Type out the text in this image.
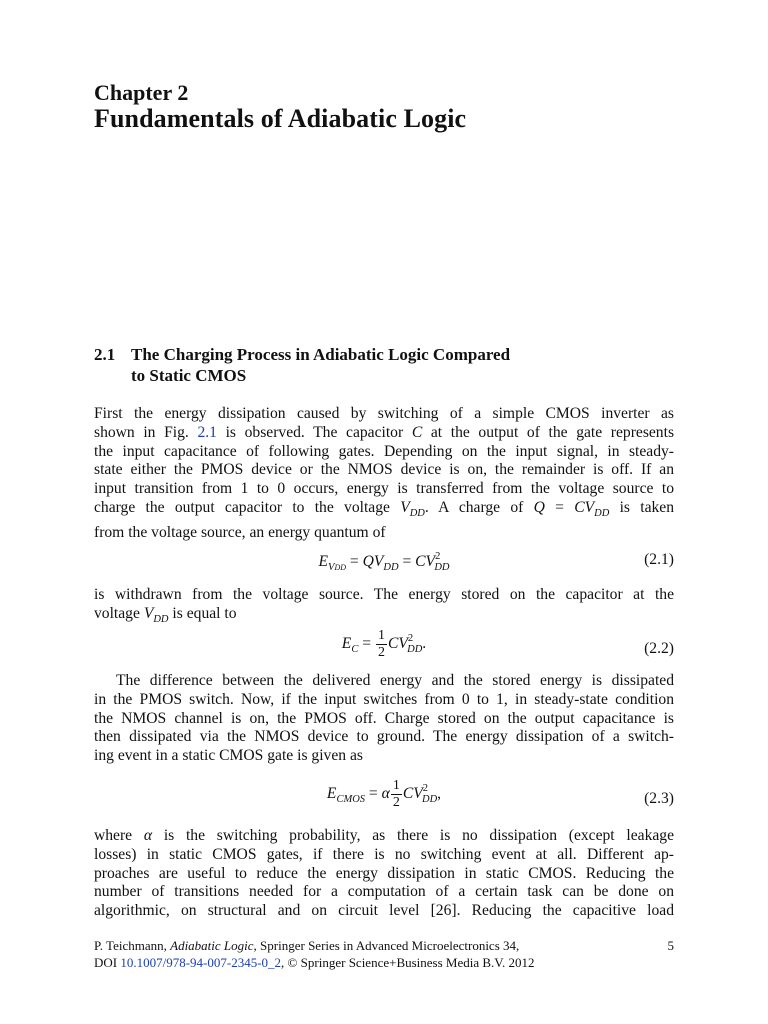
Chapter 2
Fundamentals of Adiabatic Logic
2.1 The Charging Process in Adiabatic Logic Compared
to Static CMOS

First the energy dissipation caused by switching of a simple CMOS inverter as
shown in Fig. 2.1 is observed. The capacitor C at the output of the gate represents
the input capacitance of following gates. Depending on the input signal, in steady-
state either the PMOS device or the NMOS device is on, the remainder is off. If an
input transition from 1 to 0 occurs, energy is transferred from the voltage source to
charge the output capacitor to the voltage $V_{DD}$. A charge of $Q = CV_{DD}$ is taken
from the voltage source, an energy quantum of

$E_{VDD} = QV_{DD} = CV^2_{DD}$	(2.1)

is withdrawn from the voltage source. The energy stored on the capacitor at the
voltage $V_{DD}$ is equal to

$E_C = \frac{1}{2} CV^2_{DD}$.	(2.2)

The difference between the delivered energy and the stored energy is dissipated
in the PMOS switch. Now, if the input switches from 0 to 1, in steady-state condition
the NMOS channel is on, the PMOS off. Charge stored on the output capacitance is
then dissipated via the NMOS device to ground. The energy dissipation of a switch-
ing event in a static CMOS gate is given as

$E_{CMOS} = \alpha \frac{1}{2} CV^2_{DD}$,	(2.3)

where α is the switching probability, as there is no dissipation (except leakage
losses) in static CMOS gates, if there is no switching event at all. Different ap-
proaches are useful to reduce the energy dissipation in static CMOS. Reducing the
number of transitions needed for a computation of a certain task can be done on
algorithmic, on structural and on circuit level [26]. Reducing the capacitive load

P. Teichmann, Adiabatic Logic, Springer Series in Advanced Microelectronics 34,
DOI 10.1007/978-94-007-2345-0_2, © Springer Science+Business Media B.V. 2012
5
